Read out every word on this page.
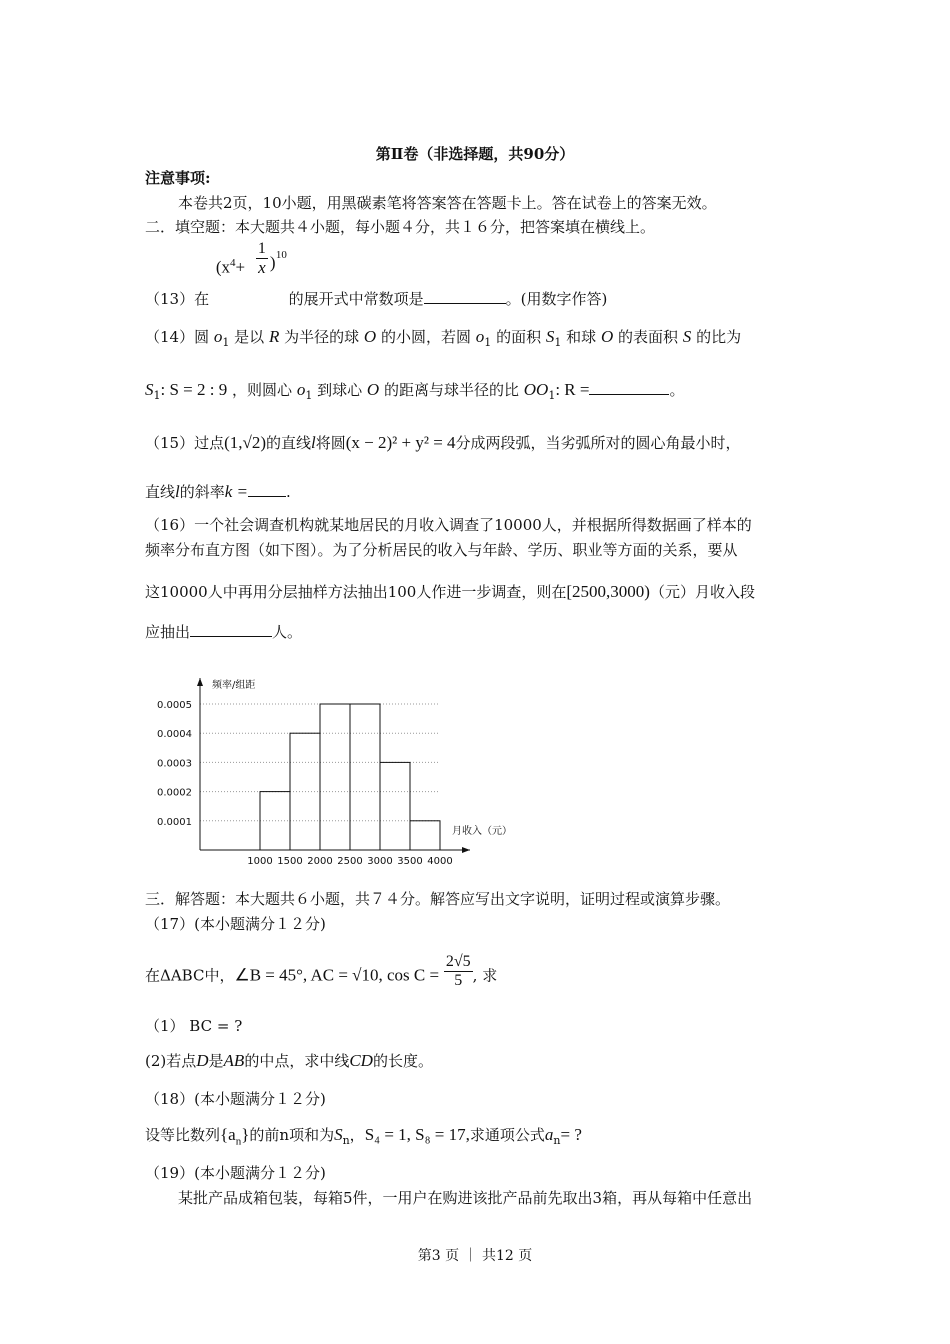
第Ⅱ卷（非选择题，共90分）
注意事项:
本卷共2页，10小题，用黑碳素笔将答案答在答题卡上。答在试卷上的答案无效。
二．填空题：本大题共４小题，每小题４分，共１６分，把答案填在横线上。
（13）在
($x^4+ \frac{1}{x}$ ) 10
的展开式中常数项是	。(用数字作答)
（14）圆 $o_1$ 是以 R 为半径的球 O 的小圆，若圆 $o_1$ 的面积 $S_1$ 和球 O 的表面积 S 的比为
$S_1$: S = 2 : 9 ，则圆心 $o_1$ 到球心 O 的距离与球半径的比 $OO_1$: R =	。
（15）过点(1,√2)的直线l将圆(x − 2)² + y² = 4分成两段弧，当劣弧所对的圆心角最小时，
直线l的斜率k =	.
（16）一个社会调查机构就某地居民的月收入调查了10000人，并根据所得数据画了样本的
频率分布直方图（如下图）。为了分析居民的收入与年龄、学历、职业等方面的关系，要从
这10000人中再用分层抽样方法抽出100人作进一步调查，则在[2500,3000)（元）月收入段
应抽出	人。
0.0001
0.0002
0.0003
0.0004
0.0005
1000 1500 2000 2500 3000 3500 4000
频率/组距
月收入（元）
三．解答题：本大题共６小题，共７４分。解答应写出文字说明，证明过程或演算步骤。
（17）(本小题满分１２分)
在ΔABC中，∠B = 45°, AC = √10, $\cos C = \frac{2√5}{5}$ , 求
（1） BC = ?
(2)若点D是AB的中点，求中线CD的长度。
（18）(本小题满分１２分)
设等比数列$\{a_n\}$的前n项和为$S_n$，S₄ = 1, S₈ = 17,求通项公式$a_n=$ ?
（19）(本小题满分１２分)
某批产品成箱包装，每箱5件，一用户在购进该批产品前先取出3箱，再从每箱中任意出
第3 页 ｜ 共12 页
